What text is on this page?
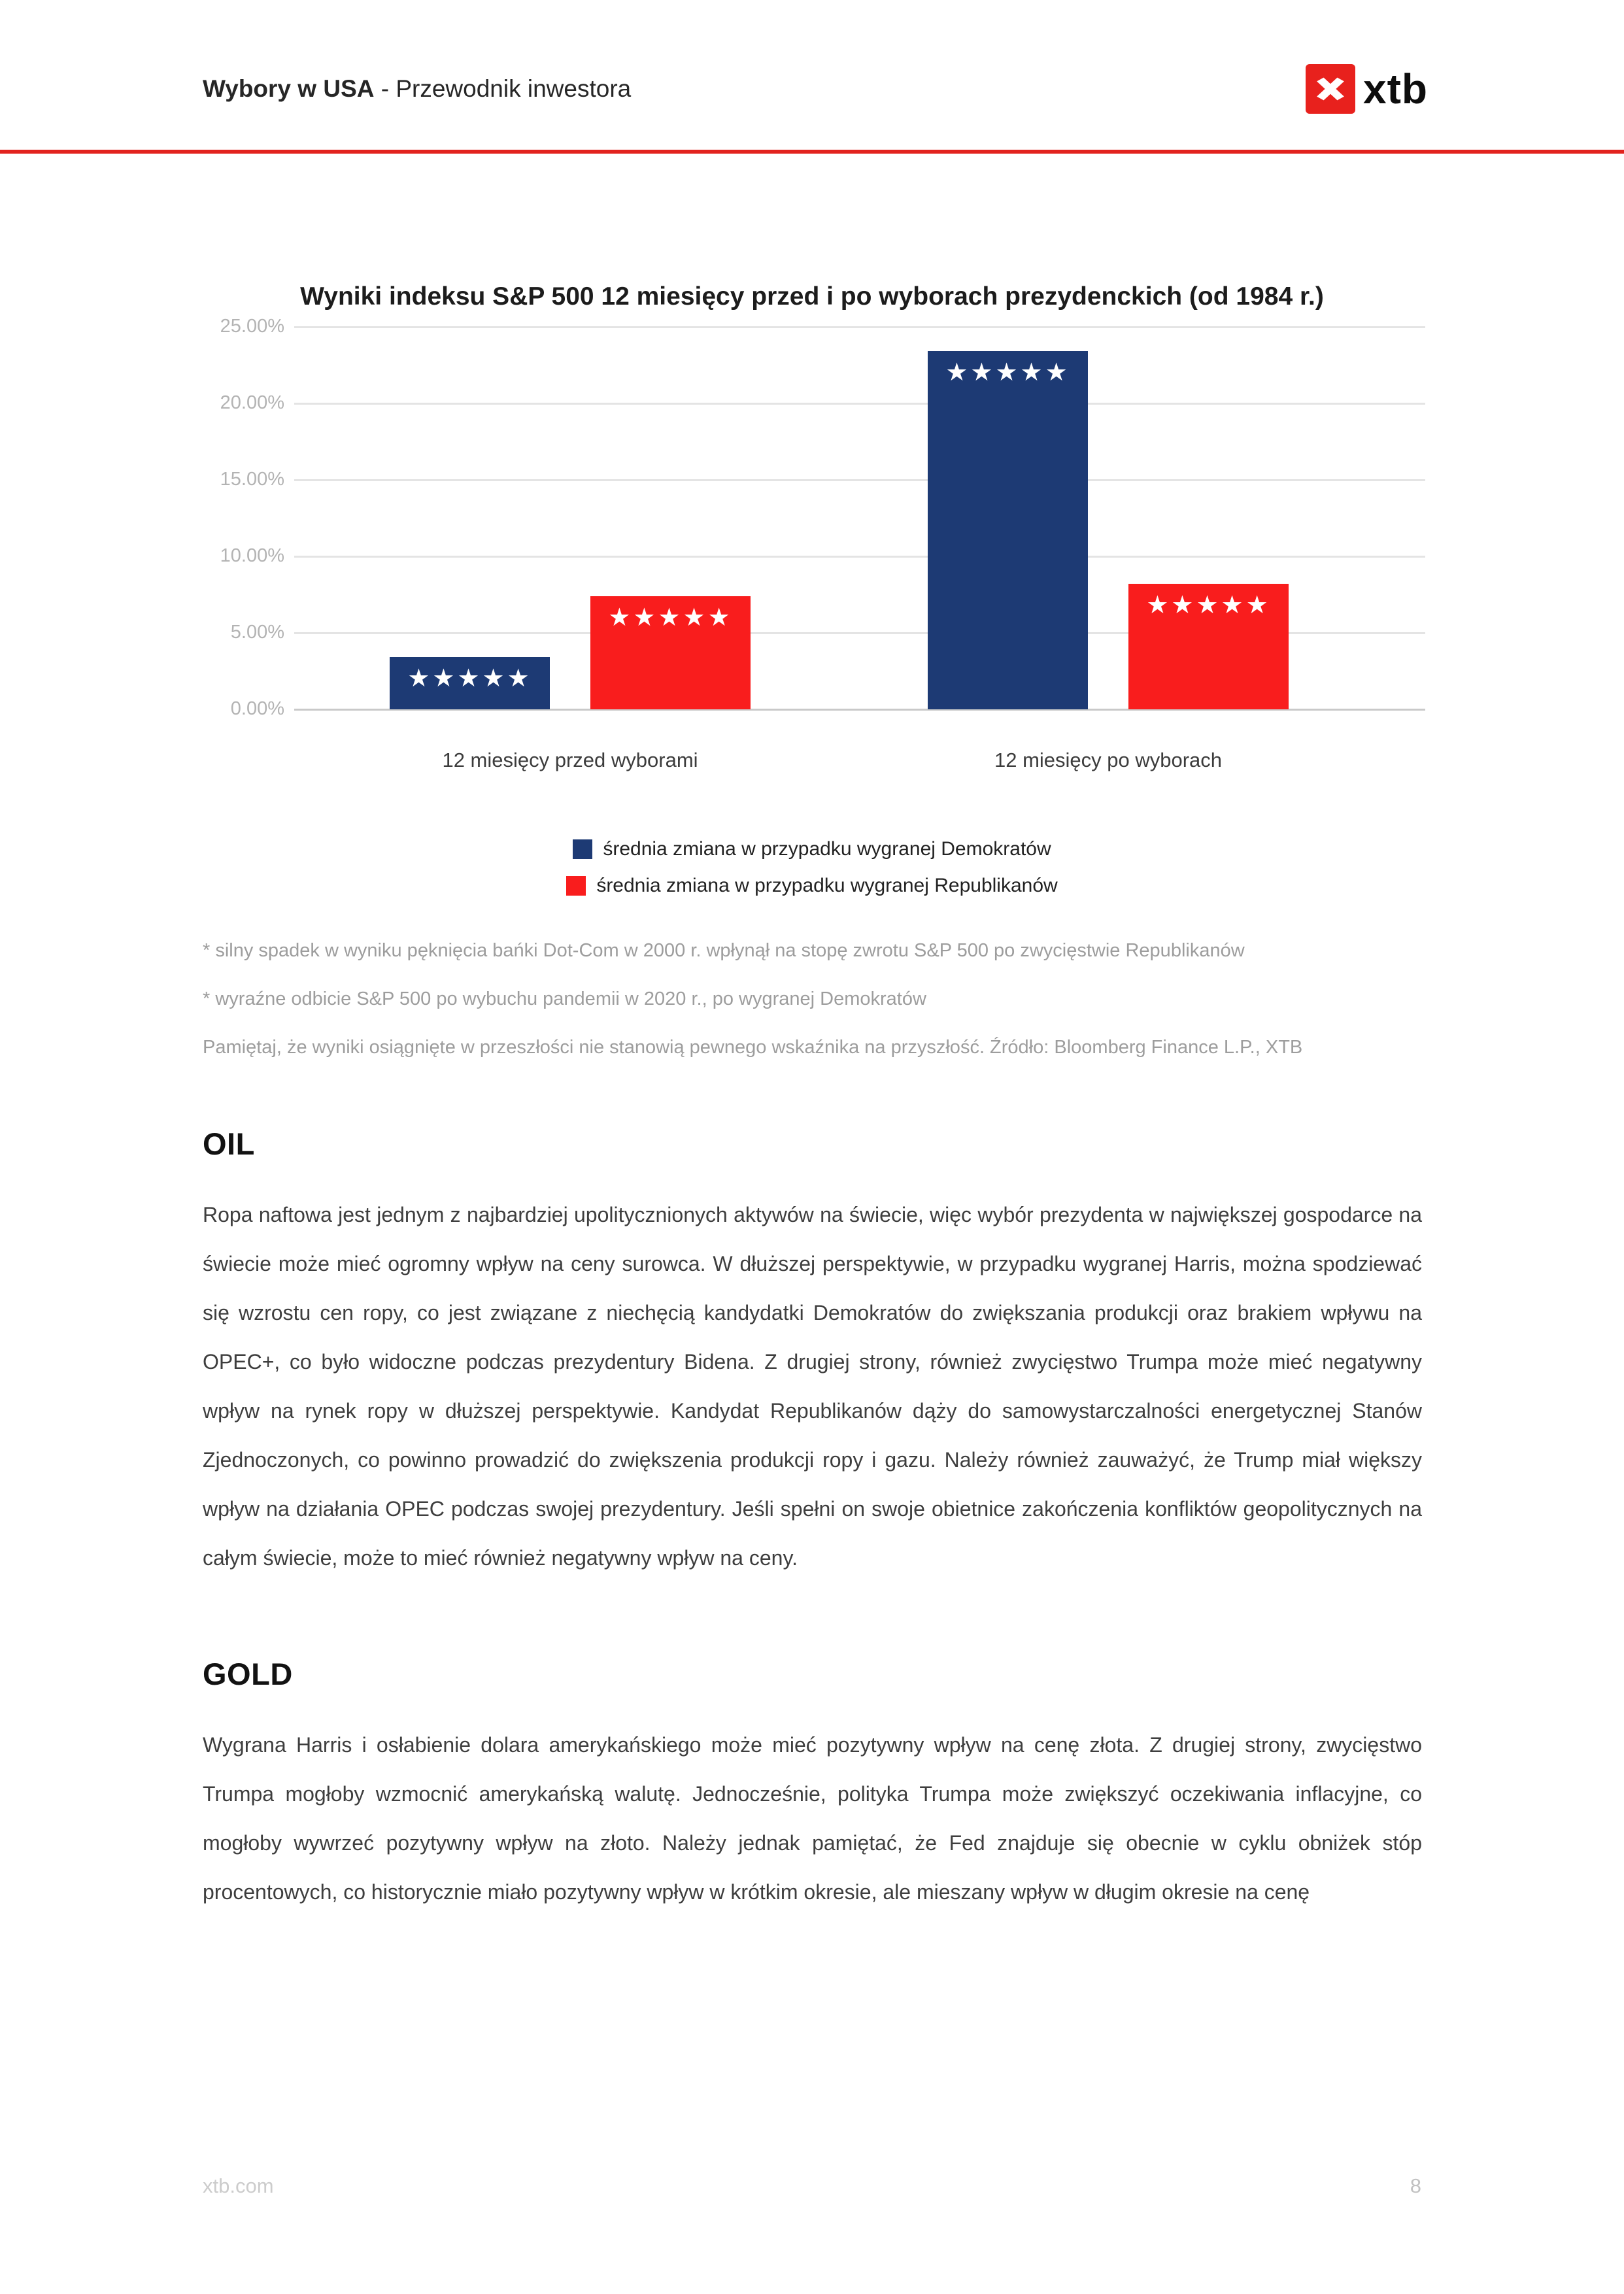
Wybory w USA - Przewodnik inwestora	xtb
Wyniki indeksu S&P 500 12 miesięcy przed i po wyborach prezydenckich (od 1984 r.)
25.00%
20.00%
15.00%
10.00%
5.00%
0.00%
★★★★★
★★★★★
★★★★★
★★★★★
12 miesięcy przed wyborami	12 miesięcy po wyborach
średnia zmiana w przypadku wygranej Demokratów
średnia zmiana w przypadku wygranej Republikanów
* silny spadek w wyniku pęknięcia bańki Dot-Com w 2000 r. wpłynął na stopę zwrotu S&P 500 po zwycięstwie Republikanów
* wyraźne odbicie S&P 500 po wybuchu pandemii w 2020 r., po wygranej Demokratów
Pamiętaj, że wyniki osiągnięte w przeszłości nie stanowią pewnego wskaźnika na przyszłość. Źródło: Bloomberg Finance L.P., XTB
OIL

Ropa naftowa jest jednym z najbardziej upolitycznionych aktywów na świecie, więc wybór prezydenta w największej gospodarce na świecie może mieć ogromny wpływ na ceny surowca. W dłuższej perspektywie, w przypadku wygranej Harris, można spodziewać się wzrostu cen ropy, co jest związane z niechęcią kandydatki Demokratów do zwiększania produkcji oraz brakiem wpływu na OPEC+, co było widoczne podczas prezydentury Bidena. Z drugiej strony, również zwycięstwo Trumpa może mieć negatywny wpływ na rynek ropy w dłuższej perspektywie. Kandydat Republikanów dąży do samowystarczalności energetycznej Stanów Zjednoczonych, co powinno prowadzić do zwiększenia produkcji ropy i gazu. Należy również zauważyć, że Trump miał większy wpływ na działania OPEC podczas swojej prezydentury. Jeśli spełni on swoje obietnice zakończenia konfliktów geopolitycznych na całym świecie, może to mieć również negatywny wpływ na ceny.

GOLD

Wygrana Harris i osłabienie dolara amerykańskiego może mieć pozytywny wpływ na cenę złota. Z drugiej strony, zwycięstwo Trumpa mogłoby wzmocnić amerykańską walutę. Jednocześnie, polityka Trumpa może zwiększyć oczekiwania inflacyjne, co mogłoby wywrzeć pozytywny wpływ na złoto. Należy jednak pamiętać, że Fed znajduje się obecnie w cyklu obniżek stóp procentowych, co historycznie miało pozytywny wpływ w krótkim okresie, ale mieszany wpływ w długim okresie na cenę

xtb.com	8
